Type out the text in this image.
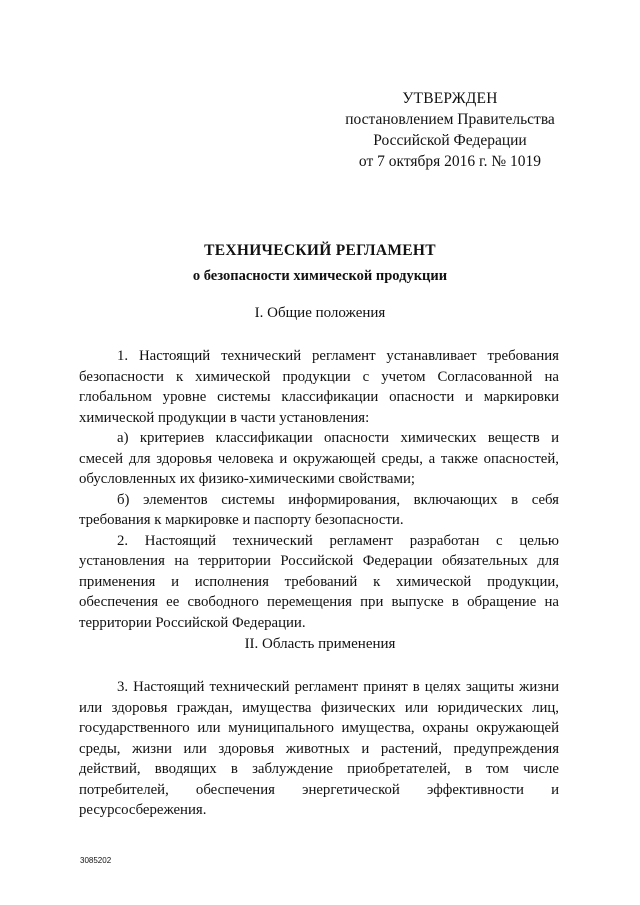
УТВЕРЖДЕН
постановлением Правительства
Российской Федерации
от 7 октября 2016 г. № 1019
ТЕХНИЧЕСКИЙ РЕГЛАМЕНТ
о безопасности химической продукции
I. Общие положения

1. Настоящий технический регламент устанавливает требования безопасности к химической продукции с учетом Согласованной на глобальном уровне системы классификации опасности и маркировки химической продукции в части установления:

а) критериев классификации опасности химических веществ и смесей для здоровья человека и окружающей среды, а также опасностей, обусловленных их физико-химическими свойствами;

б) элементов системы информирования, включающих в себя требования к маркировке и паспорту безопасности.

2. Настоящий технический регламент разработан с целью установления на территории Российской Федерации обязательных для применения и исполнения требований к химической продукции, обеспечения ее свободного перемещения при выпуске в обращение на территории Российской Федерации.

II. Область применения

3. Настоящий технический регламент принят в целях защиты жизни или здоровья граждан, имущества физических или юридических лиц, государственного или муниципального имущества, охраны окружающей среды, жизни или здоровья животных и растений, предупреждения действий, вводящих в заблуждение приобретателей, в том числе потребителей, обеспечения энергетической эффективности и ресурсосбережения.

3085202
